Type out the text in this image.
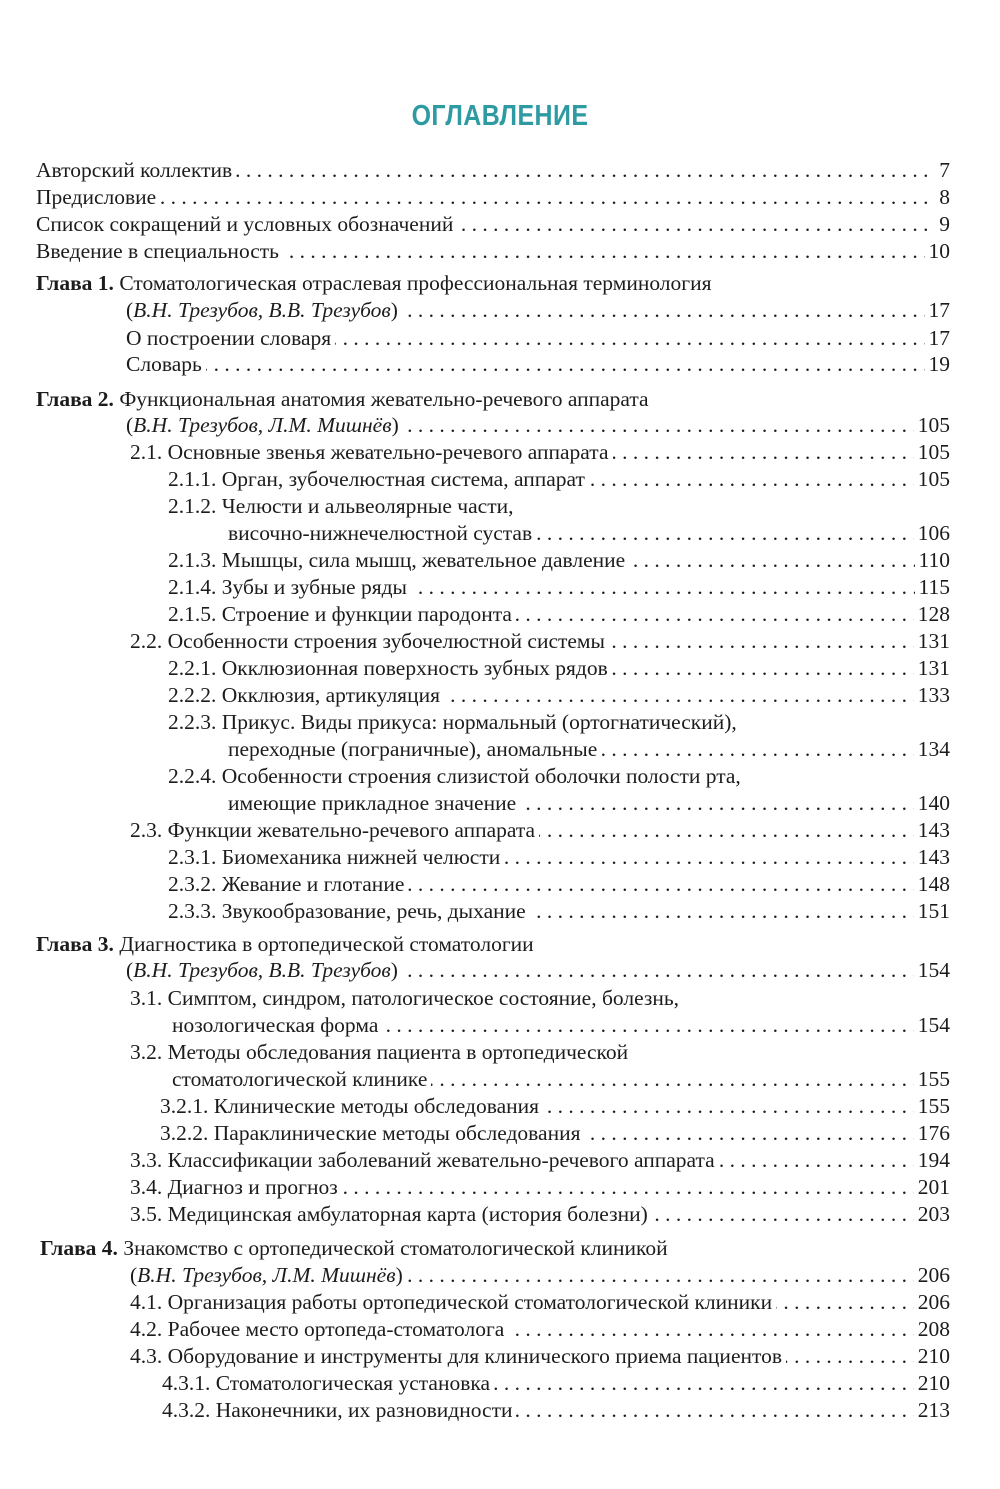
ОГЛАВЛЕНИЕ
. . .
Авторский коллектив	7
. . .
Предисловие	8
. . .
Список сокращений и условных обозначений	9
. . .
Введение в специальность	10
Глава 1. Стоматологическая отраслевая профессиональная терминология
. . .
(В.Н. Трезубов, В.В. Трезубов)	17
. . .
О построении словаря	17
. . .
Словарь	19
Глава 2. Функциональная анатомия жевательно-речевого аппарата
. . .
(В.Н. Трезубов, Л.М. Мишнёв)	105
. . .
2.1. Основные звенья жевательно-речевого аппарата	105
. . .
2.1.1. Орган, зубочелюстная система, аппарат	105
2.1.2. Челюсти и альвеолярные части,
. . .
височно-нижнечелюстной сустав	106
. . .
2.1.3. Мышцы, сила мышц, жевательное давление	110
. . .
2.1.4. Зубы и зубные ряды	115
. . .
2.1.5. Строение и функции пародонта	128
. . .
2.2. Особенности строения зубочелюстной системы	131
. . .
2.2.1. Окклюзионная поверхность зубных рядов	131
. . .
2.2.2. Окклюзия, артикуляция	133
2.2.3. Прикус. Виды прикуса: нормальный (ортогнатический),
. . .
переходные (пограничные), аномальные	134
2.2.4. Особенности строения слизистой оболочки полости рта,
. . .
имеющие прикладное значение	140
. . .
2.3. Функции жевательно-речевого аппарата	143
. . .
2.3.1. Биомеханика нижней челюсти	143
. . .
2.3.2. Жевание и глотание	148
. . .
2.3.3. Звукообразование, речь, дыхание	151
Глава 3. Диагностика в ортопедической стоматологии
. . .
(В.Н. Трезубов, В.В. Трезубов)	154
3.1. Симптом, синдром, патологическое состояние, болезнь,
. . .
нозологическая форма	154
3.2. Методы обследования пациента в ортопедической
. . .
стоматологической клинике	155
. . .
3.2.1. Клинические методы обследования	155
. . .
3.2.2. Параклинические методы обследования	176
. . .
3.3. Классификации заболеваний жевательно-речевого аппарата	194
. . .
3.4. Диагноз и прогноз	201
. . .
3.5. Медицинская амбулаторная карта (история болезни)	203
Глава 4. Знакомство с ортопедической стоматологической клиникой
. . .
(В.Н. Трезубов, Л.М. Мишнёв)	206
. . .
4.1. Организация работы ортопедической стоматологической клиники	206
. . .
4.2. Рабочее место ортопеда-стоматолога	208
. . .
4.3. Оборудование и инструменты для клинического приема пациентов	210
. . .
4.3.1. Стоматологическая установка	210
. . .
4.3.2. Наконечники, их разновидности	213
